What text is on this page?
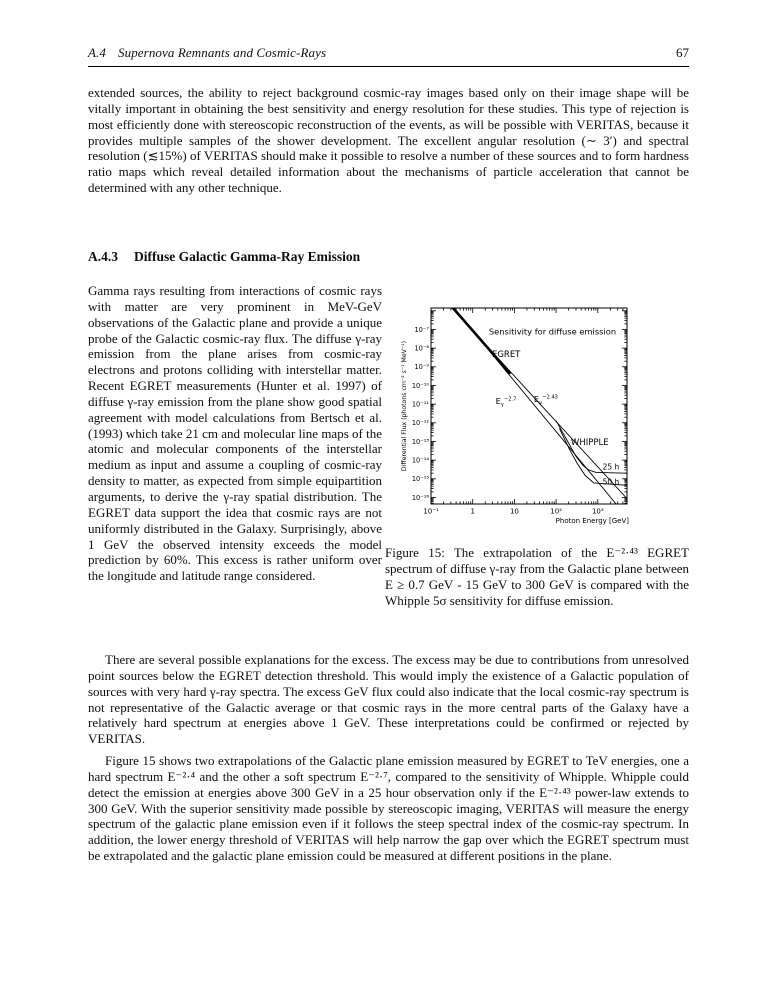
A.4 Supernova Remnants and Cosmic-Rays	67

extended sources, the ability to reject background cosmic-ray images based only on their image shape will be vitally important in obtaining the best sensitivity and energy resolution for these studies. This type of rejection is most efficiently done with stereoscopic reconstruction of the events, as will be possible with VERITAS, because it provides multiple samples of the shower development. The excellent angular resolution (∼ 3′) and spectral resolution (≲15%) of VERITAS should make it possible to resolve a number of these sources and to form hardness ratio maps which reveal detailed information about the mechanisms of particle acceleration that cannot be determined with any other technique.

A.4.3 Diffuse Galactic Gamma-Ray Emission

Gamma rays resulting from interactions of cosmic rays with matter are very prominent in MeV-GeV observations of the Galactic plane and provide a unique probe of the Galactic cosmic-ray flux. The diffuse γ-ray emission from the plane arises from cosmic-ray electrons and protons colliding with interstellar matter. Recent EGRET measurements (Hunter et al. 1997) of diffuse γ-ray emission from the plane show good spatial agreement with model calculations from Bertsch et al. (1993) which take 21 cm and molecular line maps of the atomic and molecular components of the interstellar medium as input and assume a coupling of cosmic-ray density to matter, as expected from simple equipartition arguments, to derive the γ-ray spatial distribution. The EGRET data support the idea that cosmic rays are not uniformly distributed in the Galaxy. Surprisingly, above 1 GeV the observed intensity exceeds the model prediction by 60%. This excess is rather uniform over the longitude and latitude range considered.

10⁻¹	1	10	10²	10³
10⁻⁷
10⁻⁸
10⁻⁹
10⁻¹⁰
10⁻¹¹
10⁻¹²
10⁻¹³
10⁻¹⁴
10⁻¹⁵
10⁻¹⁶
Photon Energy [GeV]
Differential Flux (photons cm⁻² s⁻¹ MeV⁻¹)
Sensitivity for diffuse emission
EGRET
$E_\gamma^{-2.7}$ $E_\gamma^{-2.43}$
WHIPPLE
25 h
50 h

Figure 15: The extrapolation of the E⁻²·⁴³ EGRET spectrum of diffuse γ-ray from the Galactic plane between E ≥ 0.7 GeV - 15 GeV to 300 GeV is compared with the Whipple 5σ sensitivity for diffuse emission.

There are several possible explanations for the excess. The excess may be due to contributions from unresolved point sources below the EGRET detection threshold. This would imply the existence of a Galactic population of sources with very hard γ-ray spectra. The excess GeV flux could also indicate that the local cosmic-ray spectrum is not representative of the Galactic average or that cosmic rays in the more central parts of the Galaxy have a relatively hard spectrum at energies above 1 GeV. These interpretations could be confirmed or rejected by VERITAS.

Figure 15 shows two extrapolations of the Galactic plane emission measured by EGRET to TeV energies, one a hard spectrum E⁻²·⁴ and the other a soft spectrum E⁻²·⁷, compared to the sensitivity of Whipple. Whipple could detect the emission at energies above 300 GeV in a 25 hour observation only if the E⁻²·⁴³ power-law extends to 300 GeV. With the superior sensitivity made possible by stereoscopic imaging, VERITAS will measure the energy spectrum of the galactic plane emission even if it follows the steep spectral index of the cosmic-ray spectrum. In addition, the lower energy threshold of VERITAS will help narrow the gap over which the EGRET spectrum must be extrapolated and the galactic plane emission could be measured at different positions in the plane.
